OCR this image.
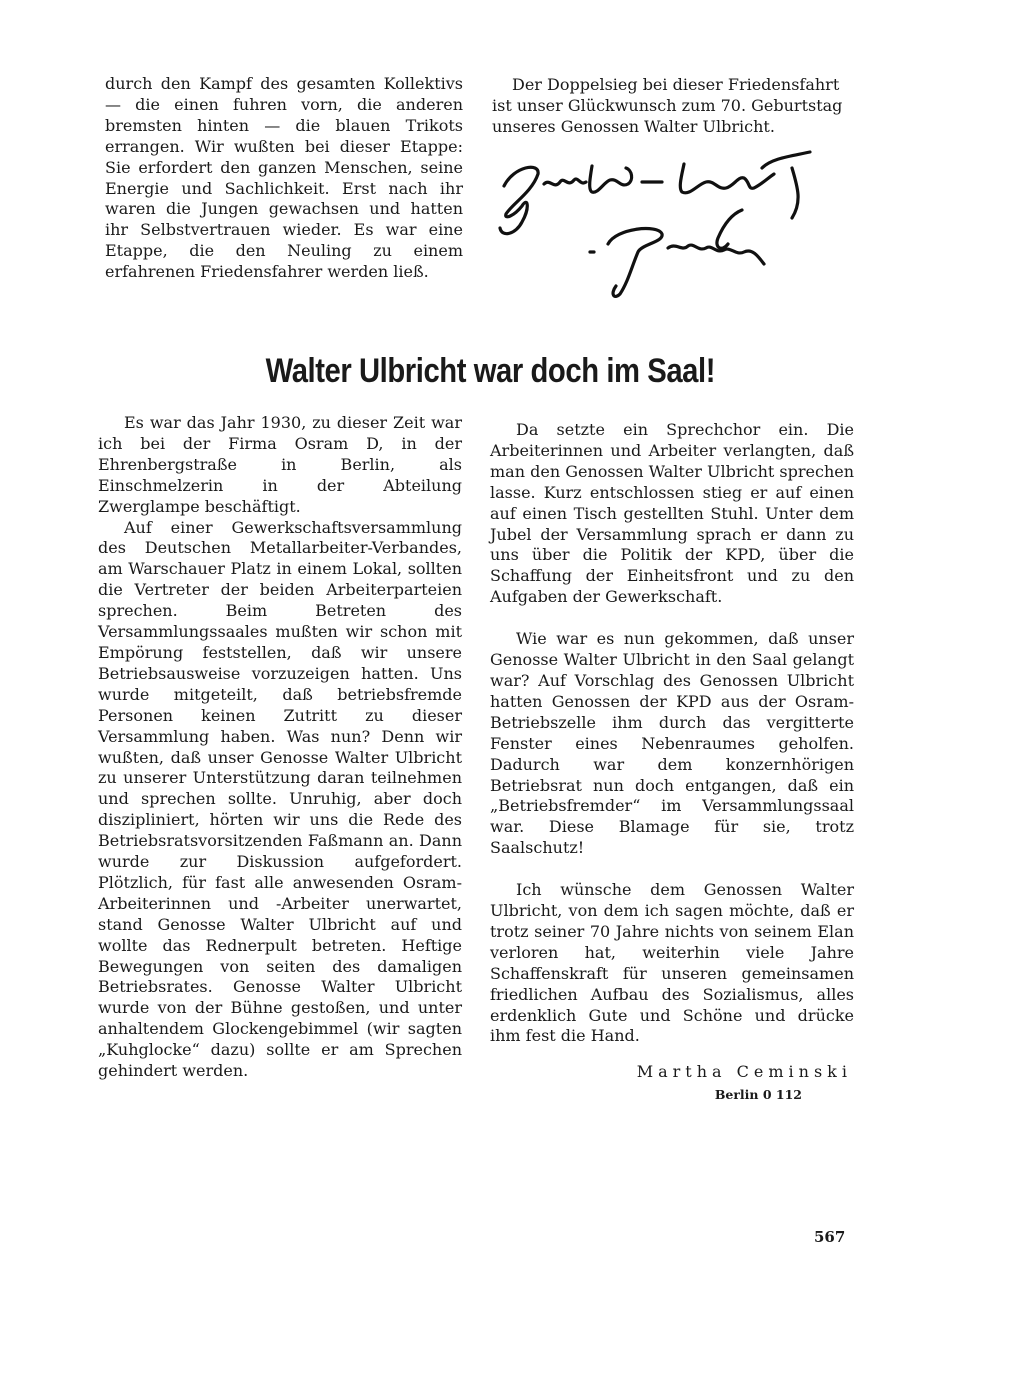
durch den Kampf des gesamten Kollektivs — die einen fuhren vorn, die anderen bremsten hinten — die blauen Trikots errangen. Wir wußten bei dieser Etappe: Sie erfordert den ganzen Menschen, seine Energie und Sachlichkeit. Erst nach ihr waren die Jungen gewachsen und hatten ihr Selbstvertrauen wieder. Es war eine Etappe, die den Neuling zu einem erfahrenen Friedensfahrer werden ließ.

Der Doppelsieg bei dieser Friedensfahrt ist unser Glückwunsch zum 70. Geburtstag unseres Genossen Walter Ulbricht.

Gustav-Adolf Schur
Walter Ulbricht war doch im Saal!

Es war das Jahr 1930, zu dieser Zeit war ich bei der Firma Osram D, in der Ehrenbergstraße in Berlin, als Einschmelzerin in der Abteilung Zwerglampe beschäftigt.

Auf einer Gewerkschaftsversammlung des Deutschen Metallarbeiter-Verbandes, am Warschauer Platz in einem Lokal, sollten die Vertreter der beiden Arbeiterparteien sprechen. Beim Betreten des Versammlungssaales mußten wir schon mit Empörung feststellen, daß wir unsere Betriebsausweise vorzuzeigen hatten. Uns wurde mitgeteilt, daß betriebsfremde Personen keinen Zutritt zu dieser Versammlung haben. Was nun? Denn wir wußten, daß unser Genosse Walter Ulbricht zu unserer Unterstützung daran teilnehmen und sprechen sollte. Unruhig, aber doch diszipliniert, hörten wir uns die Rede des Betriebsratsvorsitzenden Faßmann an. Dann wurde zur Diskussion aufgefordert. Plötzlich, für fast alle anwesenden Osram-Arbeiterinnen und -Arbeiter unerwartet, stand Genosse Walter Ulbricht auf und wollte das Rednerpult betreten. Heftige Bewegungen von seiten des damaligen Betriebsrates. Genosse Walter Ulbricht wurde von der Bühne gestoßen, und unter anhaltendem Glockengebimmel (wir sagten „Kuhglocke“ dazu) sollte er am Sprechen gehindert werden.

Da setzte ein Sprechchor ein. Die Arbeiterinnen und Arbeiter verlangten, daß man den Genossen Walter Ulbricht sprechen lasse. Kurz entschlossen stieg er auf einen auf einen Tisch gestellten Stuhl. Unter dem Jubel der Versammlung sprach er dann zu uns über die Politik der KPD, über die Schaffung der Einheitsfront und zu den Aufgaben der Gewerkschaft.

Wie war es nun gekommen, daß unser Genosse Walter Ulbricht in den Saal gelangt war? Auf Vorschlag des Genossen Ulbricht hatten Genossen der KPD aus der Osram-Betriebszelle ihm durch das vergitterte Fenster eines Nebenraumes geholfen. Dadurch war dem konzernhörigen Betriebsrat nun doch entgangen, daß ein „Betriebsfremder“ im Versammlungssaal war. Diese Blamage für sie, trotz Saalschutz!

Ich wünsche dem Genossen Walter Ulbricht, von dem ich sagen möchte, daß er trotz seiner 70 Jahre nichts von seinem Elan verloren hat, weiterhin viele Jahre Schaffenskraft für unseren gemeinsamen friedlichen Aufbau des Sozialismus, alles erdenklich Gute und Schöne und drücke ihm fest die Hand.

Martha Ceminski
Berlin 0 112
567
